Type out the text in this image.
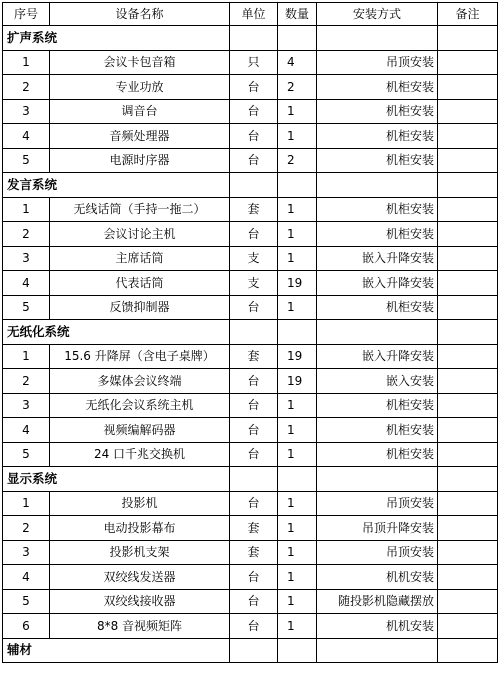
序号	设备名称	单位	数量	安装方式	备注
扩声系统					
1	会议卡包音箱	只	4	吊顶安装	
2	专业功放	台	2	机柜安装	
3	调音台	台	1	机柜安装	
4	音频处理器	台	1	机柜安装	
5	电源时序器	台	2	机柜安装	
发言系统					
1	无线话筒（手持一拖二）	套	1	机柜安装	
2	会议讨论主机	台	1	机柜安装	
3	主席话筒	支	1	嵌入升降安装	
4	代表话筒	支	19	嵌入升降安装	
5	反馈抑制器	台	1	机柜安装	
无纸化系统					
1	15.6 升降屏（含电子桌牌）	套	19	嵌入升降安装	
2	多媒体会议终端	台	19	嵌入安装	
3	无纸化会议系统主机	台	1	机柜安装	
4	视频编解码器	台	1	机柜安装	
5	24 口千兆交换机	台	1	机柜安装	
显示系统					
1	投影机	台	1	吊顶安装	
2	电动投影幕布	套	1	吊顶升降安装	
3	投影机支架	套	1	吊顶安装	
4	双绞线发送器	台	1	机机安装	
5	双绞线接收器	台	1	随投影机隐藏摆放	
6	8*8 音视频矩阵	台	1	机机安装	
辅材					
